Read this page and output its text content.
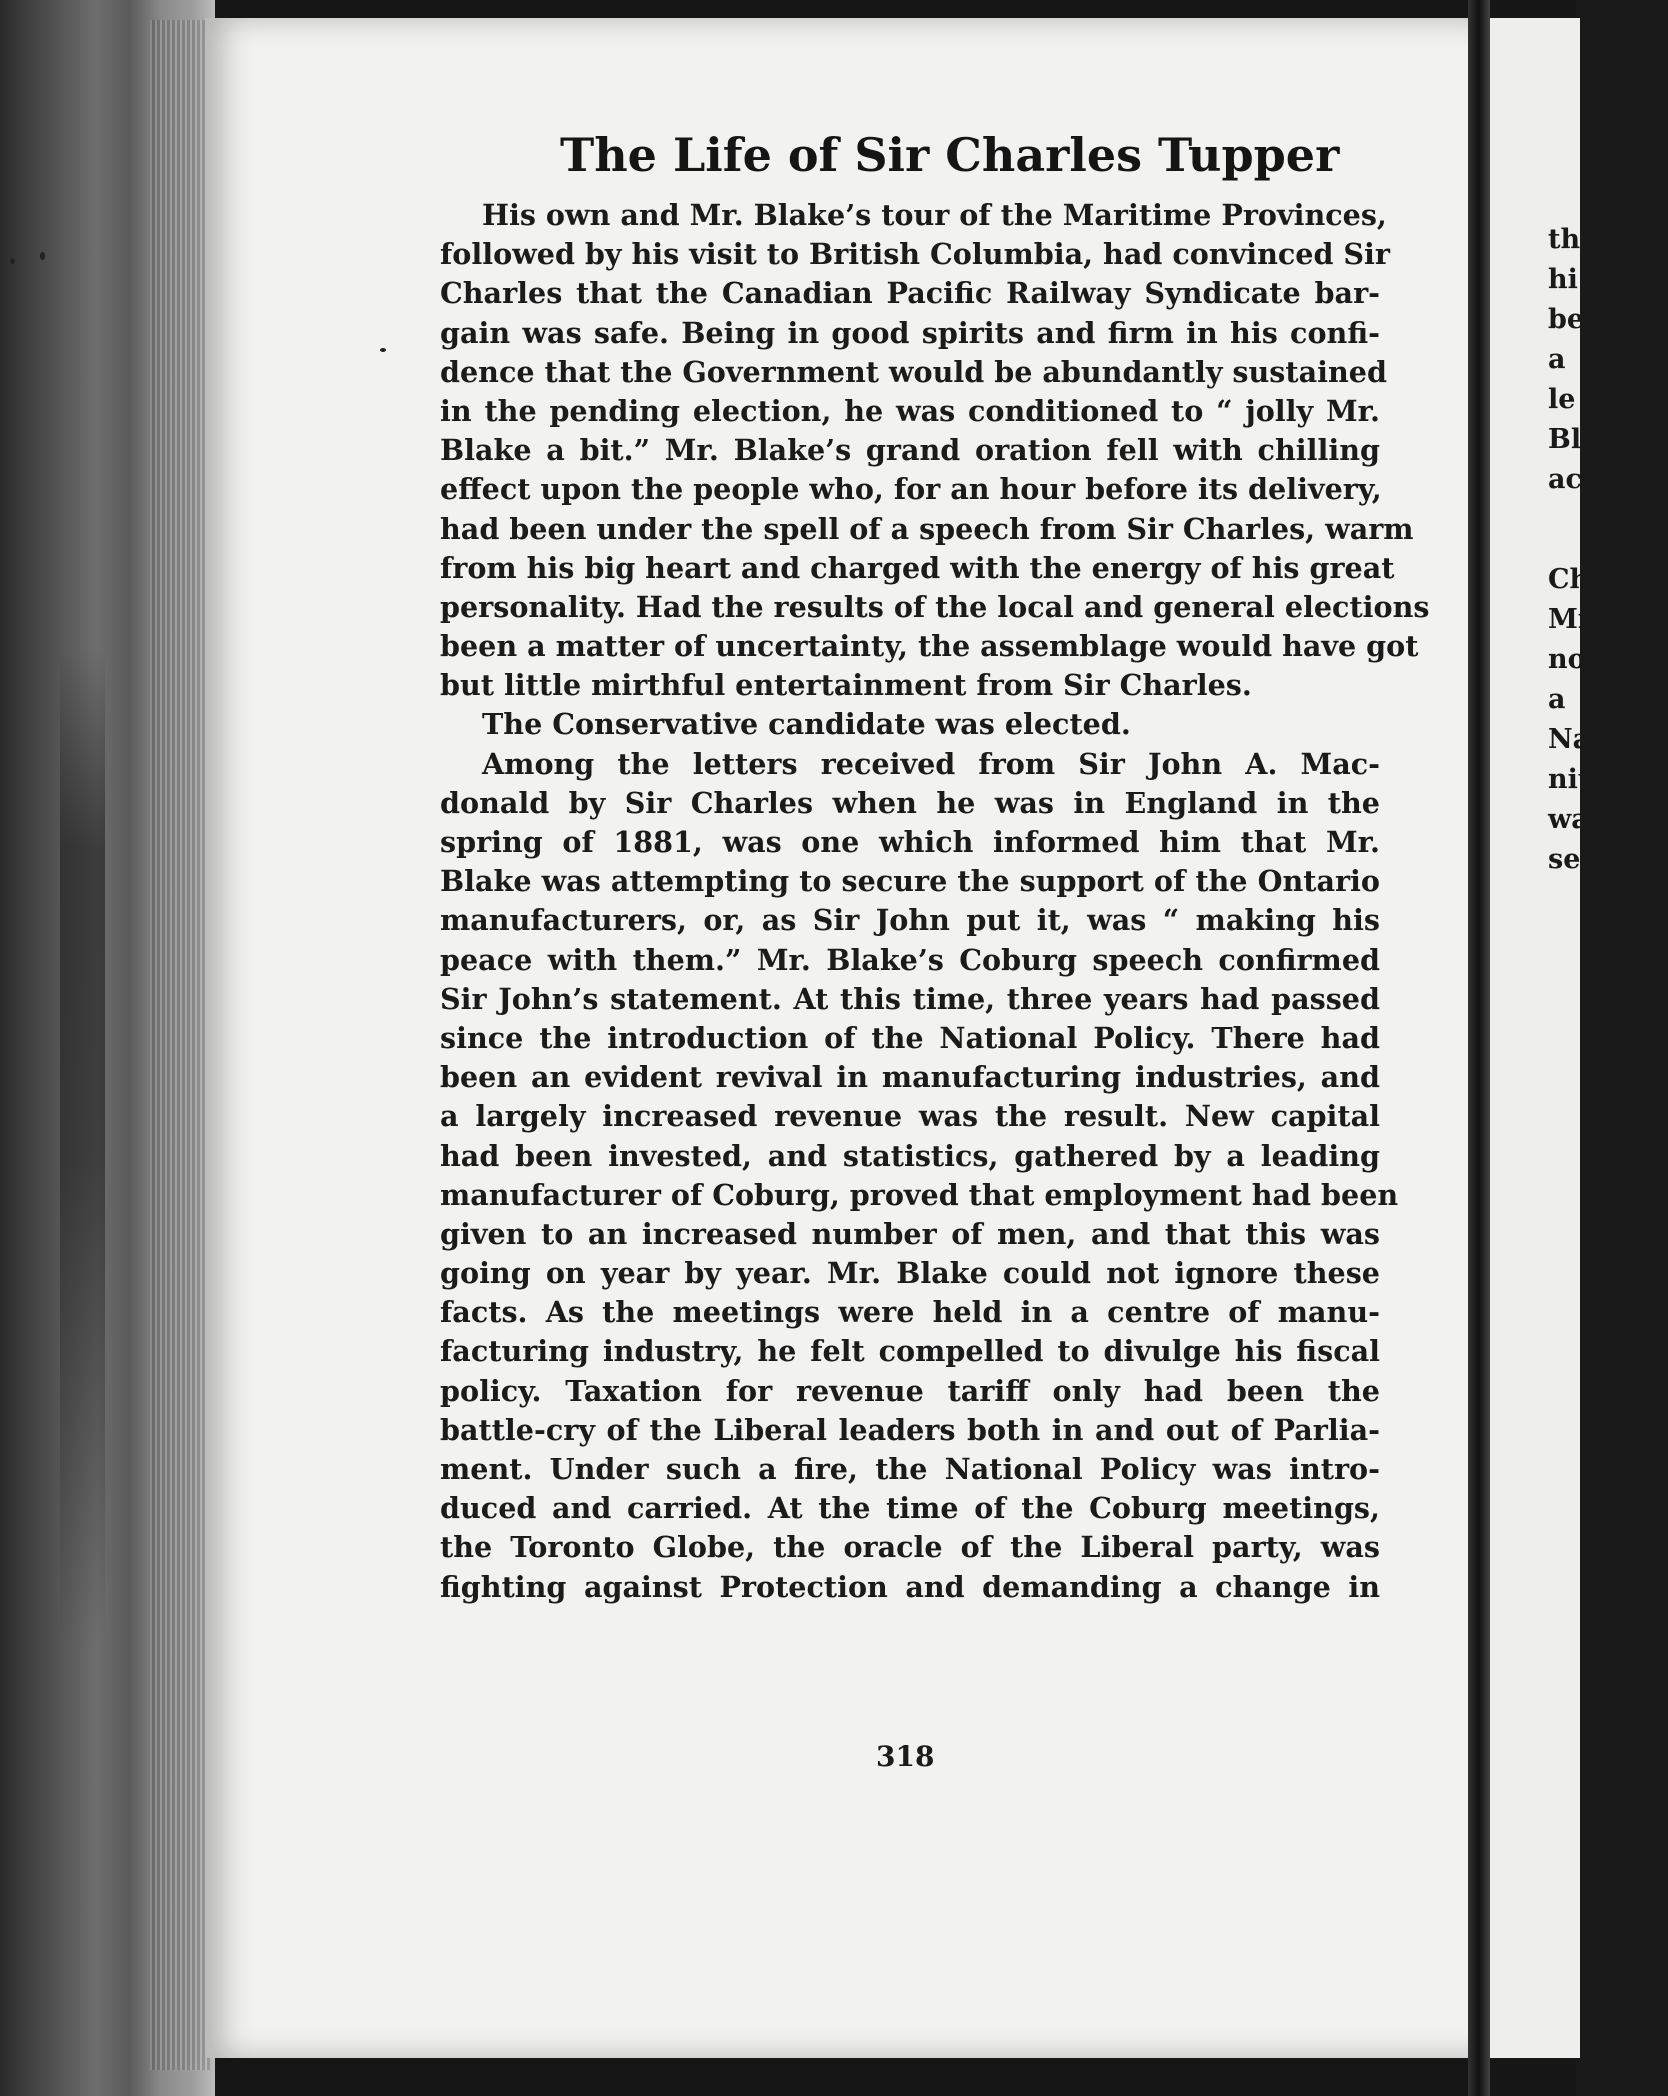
th
hi
be
a
le
Bl
ac
Ch
Mr
no
a
Na
nit
wa
ser
The Life of Sir Charles Tupper
His own and Mr. Blake’s tour of the Maritime Provinces,
followed by his visit to British Columbia, had convinced Sir
Charles that the Canadian Pacific Railway Syndicate bar-
gain was safe. Being in good spirits and firm in his confi-
dence that the Government would be abundantly sustained
in the pending election, he was conditioned to “ jolly Mr.
Blake a bit.” Mr. Blake’s grand oration fell with chilling
effect upon the people who, for an hour before its delivery,
had been under the spell of a speech from Sir Charles, warm
from his big heart and charged with the energy of his great
personality. Had the results of the local and general elections
been a matter of uncertainty, the assemblage would have got
but little mirthful entertainment from Sir Charles.
The Conservative candidate was elected.
Among the letters received from Sir John A. Mac-
donald by Sir Charles when he was in England in the
spring of 1881, was one which informed him that Mr.
Blake was attempting to secure the support of the Ontario
manufacturers, or, as Sir John put it, was “ making his
peace with them.” Mr. Blake’s Coburg speech confirmed
Sir John’s statement. At this time, three years had passed
since the introduction of the National Policy. There had
been an evident revival in manufacturing industries, and
a largely increased revenue was the result. New capital
had been invested, and statistics, gathered by a leading
manufacturer of Coburg, proved that employment had been
given to an increased number of men, and that this was
going on year by year. Mr. Blake could not ignore these
facts. As the meetings were held in a centre of manu-
facturing industry, he felt compelled to divulge his fiscal
policy. Taxation for revenue tariff only had been the
battle-cry of the Liberal leaders both in and out of Parlia-
ment. Under such a fire, the National Policy was intro-
duced and carried. At the time of the Coburg meetings,
the Toronto Globe, the oracle of the Liberal party, was
fighting against Protection and demanding a change in
318
